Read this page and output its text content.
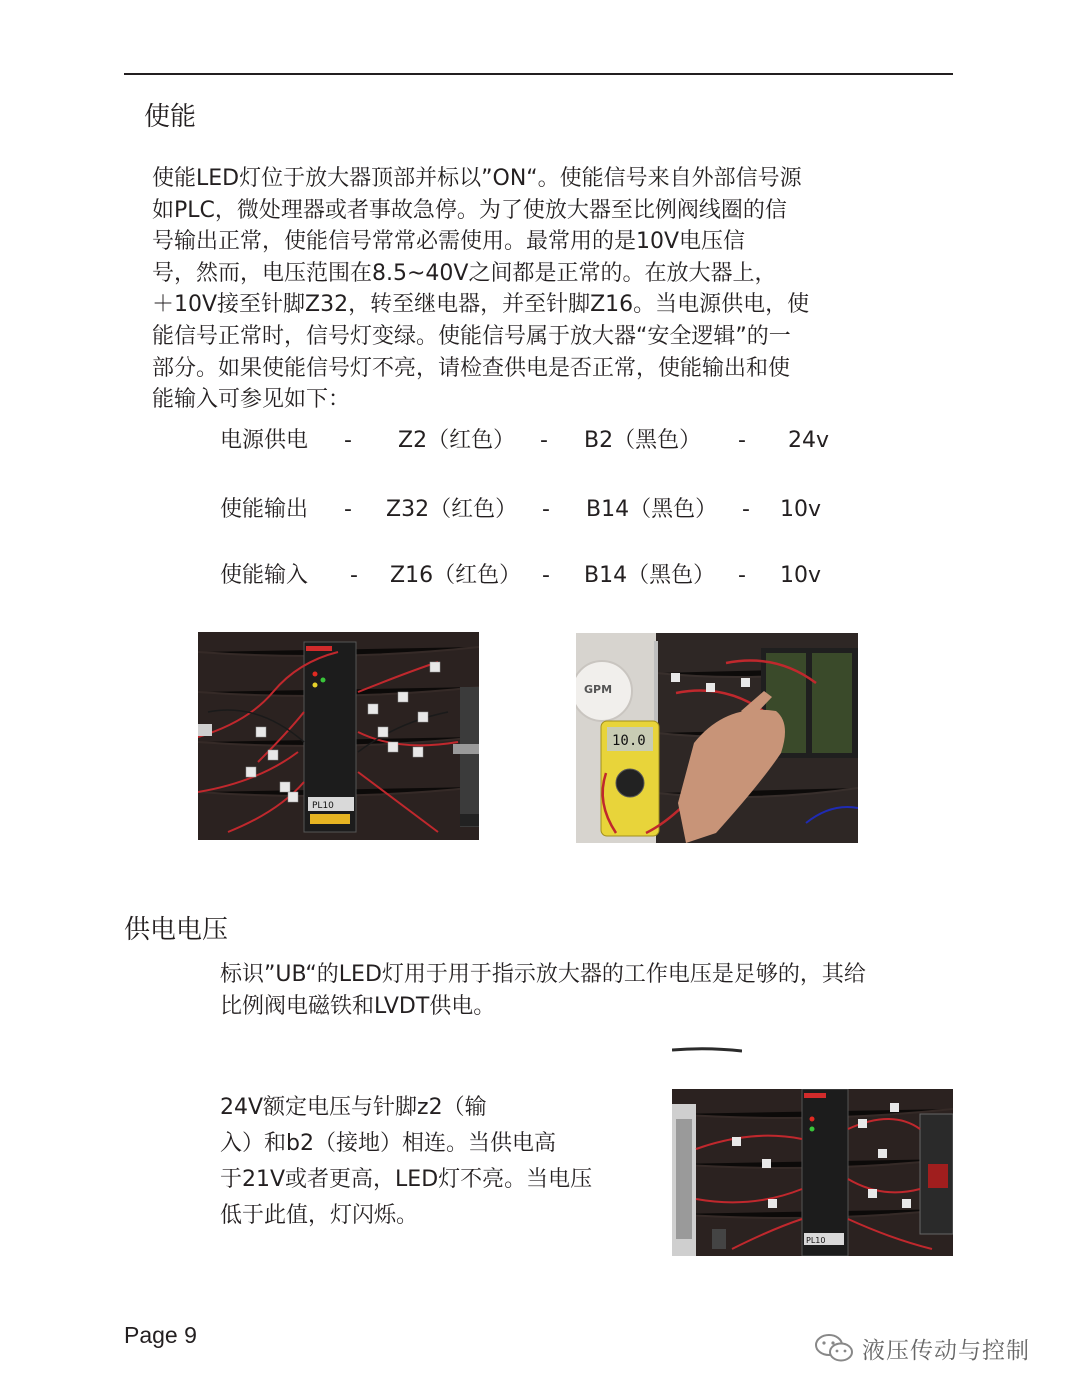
使能
使能LED灯位于放大器顶部并标以”ON“。使能信号来自外部信号源
如PLC，微处理器或者事故急停。为了使放大器至比例阀线圈的信
号输出正常，使能信号常常必需使用。最常用的是10V电压信
号，然而，电压范围在8.5~40V之间都是正常的。在放大器上，
＋10V接至针脚Z32，转至继电器，并至针脚Z16。当电源供电，使
能信号正常时，信号灯变绿。使能信号属于放大器“安全逻辑”的一
部分。如果使能信号灯不亮，请检查供电是否正常，使能输出和使
能输入可参见如下：
电源供电 - Z2（红色） - B2（黑色） - 24v
使能输出 - Z32（红色） - B14（黑色） - 10v
使能输入 - Z16（红色） - B14（黑色） - 10v
PL10
GPM
10.0
供电电压
标识”UB“的LED灯用于用于指示放大器的工作电压是足够的，其给
比例阀电磁铁和LVDT供电。
24V额定电压与针脚z2（输
入）和b2（接地）相连。当供电高
于21V或者更高，LED灯不亮。当电压
低于此值，灯闪烁。
PL10
Page 9
液压传动与控制
